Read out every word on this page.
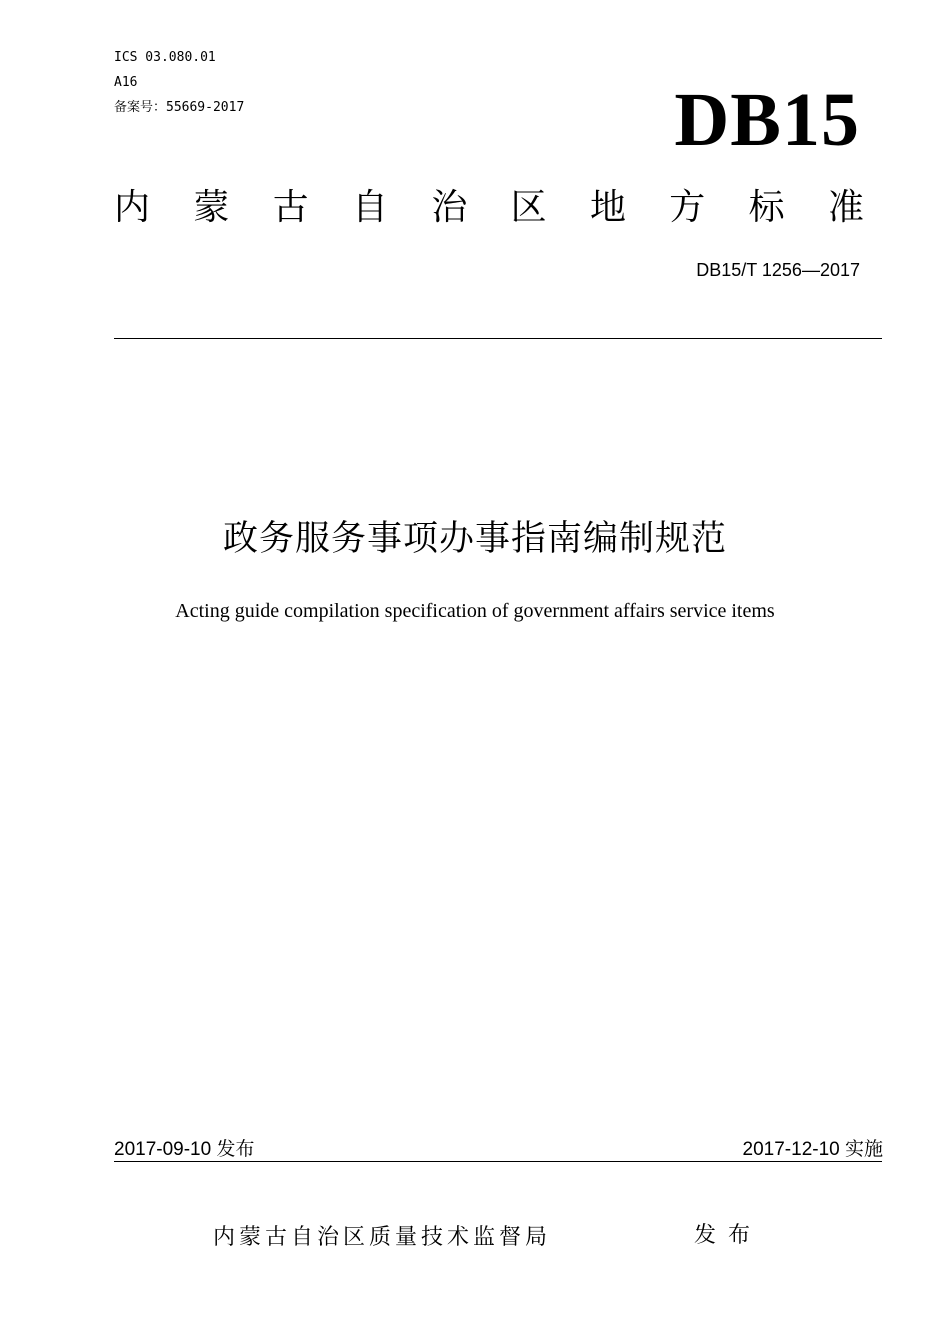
ICS 03.080.01
A16
备案号：55669-2017	DB15
内 蒙 古 自 治 区 地 方 标 准
DB15/T 1256—2017
政务服务事项办事指南编制规范
Acting guide compilation specification of government affairs service items
2017-09-10 发布	2017-12-10 实施
内蒙古自治区质量技术监督局	发布
